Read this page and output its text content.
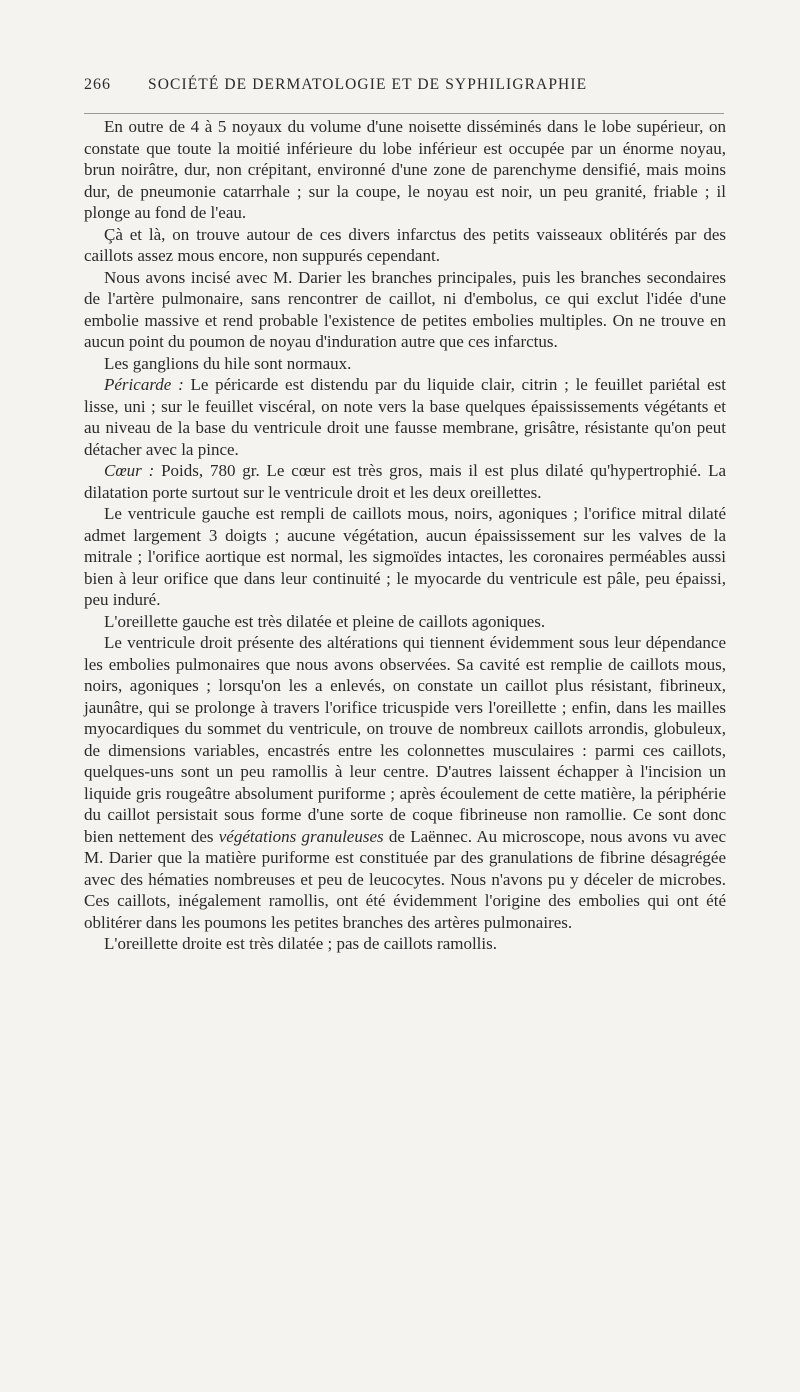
266 SOCIÉTÉ DE DERMATOLOGIE ET DE SYPHILIGRAPHIE

En outre de 4 à 5 noyaux du volume d'une noisette disséminés dans le lobe supérieur, on constate que toute la moitié inférieure du lobe inférieur est occupée par un énorme noyau, brun noirâtre, dur, non crépitant, environné d'une zone de parenchyme densifié, mais moins dur, de pneumonie catarrhale ; sur la coupe, le noyau est noir, un peu granité, friable ; il plonge au fond de l'eau.

Çà et là, on trouve autour de ces divers infarctus des petits vaisseaux oblitérés par des caillots assez mous encore, non suppurés cependant.

Nous avons incisé avec M. Darier les branches principales, puis les branches secondaires de l'artère pulmonaire, sans rencontrer de caillot, ni d'embolus, ce qui exclut l'idée d'une embolie massive et rend probable l'existence de petites embolies multiples. On ne trouve en aucun point du poumon de noyau d'induration autre que ces infarctus.

Les ganglions du hile sont normaux.

Péricarde : Le péricarde est distendu par du liquide clair, citrin ; le feuillet pariétal est lisse, uni ; sur le feuillet viscéral, on note vers la base quelques épaississements végétants et au niveau de la base du ventricule droit une fausse membrane, grisâtre, résistante qu'on peut détacher avec la pince.

Cœur : Poids, 780 gr. Le cœur est très gros, mais il est plus dilaté qu'hypertrophié. La dilatation porte surtout sur le ventricule droit et les deux oreillettes.

Le ventricule gauche est rempli de caillots mous, noirs, agoniques ; l'orifice mitral dilaté admet largement 3 doigts ; aucune végétation, aucun épaississement sur les valves de la mitrale ; l'orifice aortique est normal, les sigmoïdes intactes, les coronaires perméables aussi bien à leur orifice que dans leur continuité ; le myocarde du ventricule est pâle, peu épaissi, peu induré.

L'oreillette gauche est très dilatée et pleine de caillots agoniques.

Le ventricule droit présente des altérations qui tiennent évidemment sous leur dépendance les embolies pulmonaires que nous avons observées. Sa cavité est remplie de caillots mous, noirs, agoniques ; lorsqu'on les a enlevés, on constate un caillot plus résistant, fibrineux, jaunâtre, qui se prolonge à travers l'orifice tricuspide vers l'oreillette ; enfin, dans les mailles myocardiques du sommet du ventricule, on trouve de nombreux caillots arrondis, globuleux, de dimensions variables, encastrés entre les colonnettes musculaires : parmi ces caillots, quelques-uns sont un peu ramollis à leur centre. D'autres laissent échapper à l'incision un liquide gris rougeâtre absolument puriforme ; après écoulement de cette matière, la périphérie du caillot persistait sous forme d'une sorte de coque fibrineuse non ramollie. Ce sont donc bien nettement des végétations granuleuses de Laënnec. Au microscope, nous avons vu avec M. Darier que la matière puriforme est constituée par des granulations de fibrine désagrégée avec des hématies nombreuses et peu de leucocytes. Nous n'avons pu y déceler de microbes. Ces caillots, inégalement ramollis, ont été évidemment l'origine des embolies qui ont été oblitérer dans les poumons les petites branches des artères pulmonaires.

L'oreillette droite est très dilatée ; pas de caillots ramollis.
